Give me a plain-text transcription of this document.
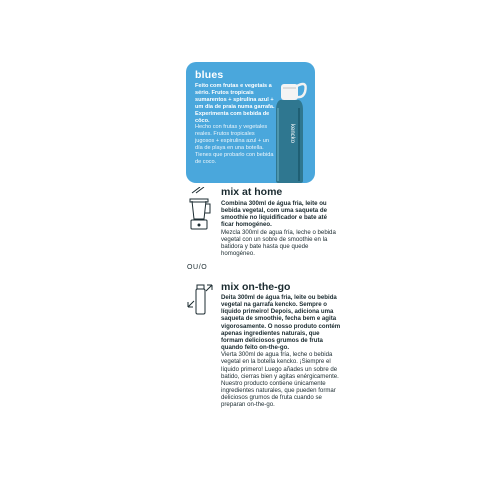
blues

Feito com frutas e vegetais a sério. Frutos tropicais sumarentos + spirulina azul + um dia de praia numa garrafa. Experimenta com bebida de côco.

Hecho con frutas y vegetales reales. Frutos tropicales jugosos + espirulina azul + un día de playa en una botella. Tienes que probarlo con bebida de coco.

kencko
mix at home

Combina 300ml de água fria, leite ou bebida vegetal, com uma saqueta de smoothie no liquidificador e bate até ficar homogéneo.

Mezcla 300ml de agua fría, leche o bebida vegetal con un sobre de smoothie en la batidora y bate hasta que quede homogéneo.

OU/O
mix on-the-go

Deita 300ml de água fria, leite ou bebida vegetal na garrafa kencko. Sempre o líquido primeiro! Depois, adiciona uma saqueta de smoothie, fecha bem e agita vigorosamente. O nosso produto contém apenas ingredientes naturais, que formam deliciosos grumos de fruta quando feito on-the-go.

Vierta 300ml de agua fría, leche o bebida vegetal en la botella kencko. ¡Siempre el líquido primero! Luego añades un sobre de batido, cierras bien y agitas enérgicamente. Nuestro producto contiene únicamente ingredientes naturales, que pueden formar deliciosos grumos de fruta cuando se preparan on-the-go.
